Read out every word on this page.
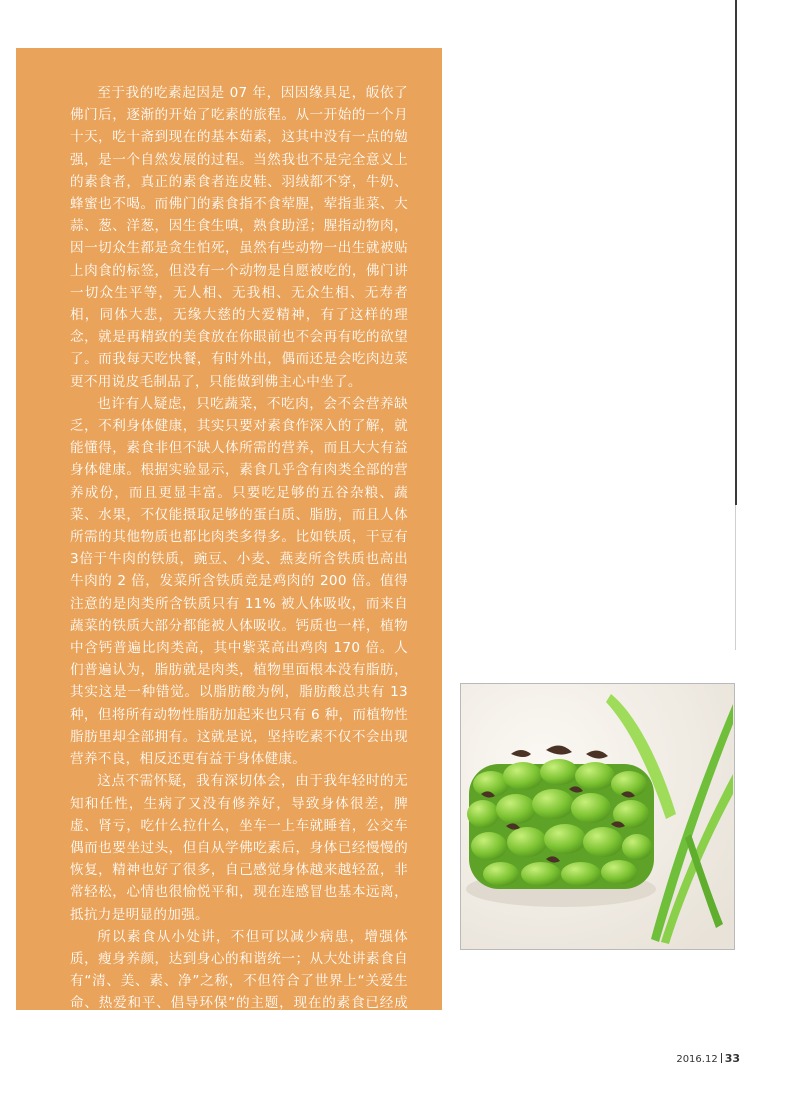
至于我的吃素起因是 07 年，因因缘具足，皈依了佛门后，逐渐的开始了吃素的旅程。从一开始的一个月十天，吃十斋到现在的基本茹素，这其中没有一点的勉强，是一个自然发展的过程。当然我也不是完全意义上的素食者，真正的素食者连皮鞋、羽绒都不穿，牛奶、蜂蜜也不喝。而佛门的素食指不食荤腥，荤指韭菜、大蒜、葱、洋葱，因生食生嗔，熟食助淫；腥指动物肉，因一切众生都是贪生怕死，虽然有些动物一出生就被贴上肉食的标签，但没有一个动物是自愿被吃的，佛门讲一切众生平等，无人相、无我相、无众生相、无寿者相，同体大悲，无缘大慈的大爱精神，有了这样的理念，就是再精致的美食放在你眼前也不会再有吃的欲望了。而我每天吃快餐，有时外出，偶而还是会吃肉边菜更不用说皮毛制品了，只能做到佛主心中坐了。

也许有人疑虑，只吃蔬菜，不吃肉，会不会营养缺乏，不利身体健康，其实只要对素食作深入的了解，就能懂得，素食非但不缺人体所需的营养，而且大大有益身体健康。根据实验显示，素食几乎含有肉类全部的营养成份，而且更显丰富。只要吃足够的五谷杂粮、蔬菜、水果，不仅能摄取足够的蛋白质、脂肪，而且人体所需的其他物质也都比肉类多得多。比如铁质，干豆有3倍于牛肉的铁质，豌豆、小麦、燕麦所含铁质也高出牛肉的 2 倍，发菜所含铁质竞是鸡肉的 200 倍。值得注意的是肉类所含铁质只有 11% 被人体吸收，而来自蔬菜的铁质大部分都能被人体吸收。钙质也一样，植物中含钙普遍比肉类高，其中紫菜高出鸡肉 170 倍。人们普遍认为，脂肪就是肉类，植物里面根本没有脂肪，其实这是一种错觉。以脂肪酸为例，脂肪酸总共有 13 种，但将所有动物性脂肪加起来也只有 6 种，而植物性脂肪里却全部拥有。这就是说，坚持吃素不仅不会出现营养不良，相反还更有益于身体健康。

这点不需怀疑，我有深切体会，由于我年轻时的无知和任性，生病了又没有修养好，导致身体很差，脾虚、肾亏，吃什么拉什么，坐车一上车就睡着，公交车偶而也要坐过头，但自从学佛吃素后，身体已经慢慢的恢复，精神也好了很多，自己感觉身体越来越轻盈，非常轻松，心情也很愉悦平和，现在连感冒也基本远离，抵抗力是明显的加强。

所以素食从小处讲，不但可以减少病患，增强体质，瘦身养颜，达到身心的和谐统一；从大处讲素食自有“清、美、素、净”之称，不但符合了世界上“关爱生命、热爱和平、倡导环保”的主题，现在的素食已经成为超越宗教意义的一种时尚和风气。相信，随着人们对素食对人类健康了解的深入，会有更多的人加入素食的队伍中来！

2016.12 33
